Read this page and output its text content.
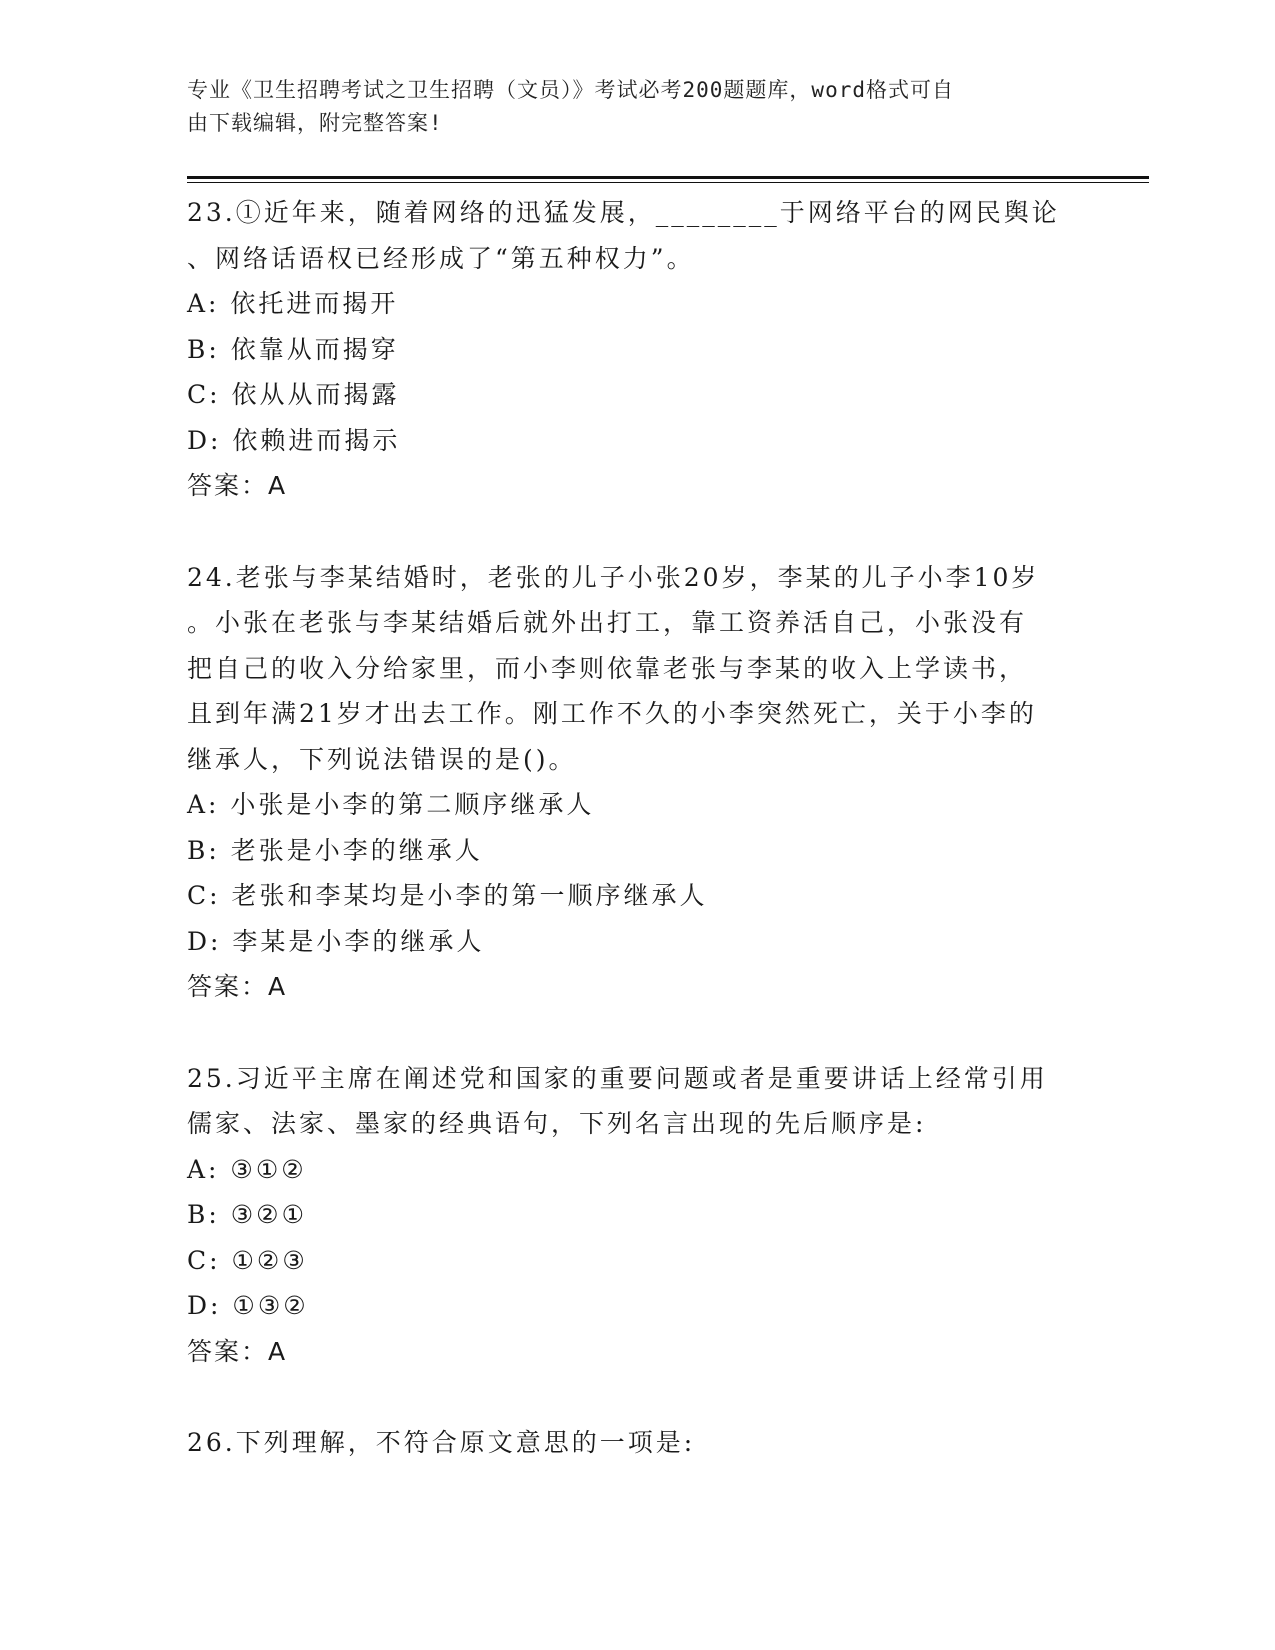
专业《卫生招聘考试之卫生招聘（文员）》考试必考200题题库，word格式可自
由下载编辑，附完整答案!

23.①近年来，随着网络的迅猛发展，________于网络平台的网民舆论

、网络话语权已经形成了“第五种权力”。

A: 依托进而揭开

B: 依靠从而揭穿

C: 依从从而揭露

D: 依赖进而揭示

答案：A

24.老张与李某结婚时，老张的儿子小张20岁，李某的儿子小李10岁

。小张在老张与李某结婚后就外出打工，靠工资养活自己，小张没有

把自己的收入分给家里，而小李则依靠老张与李某的收入上学读书，

且到年满21岁才出去工作。刚工作不久的小李突然死亡，关于小李的

继承人，下列说法错误的是()。

A: 小张是小李的第二顺序继承人

B: 老张是小李的继承人

C: 老张和李某均是小李的第一顺序继承人

D: 李某是小李的继承人

答案：A

25.习近平主席在阐述党和国家的重要问题或者是重要讲话上经常引用

儒家、法家、墨家的经典语句，下列名言出现的先后顺序是:

A: ③①②

B: ③②①

C: ①②③

D: ①③②

答案：A

26.下列理解，不符合原文意思的一项是:
